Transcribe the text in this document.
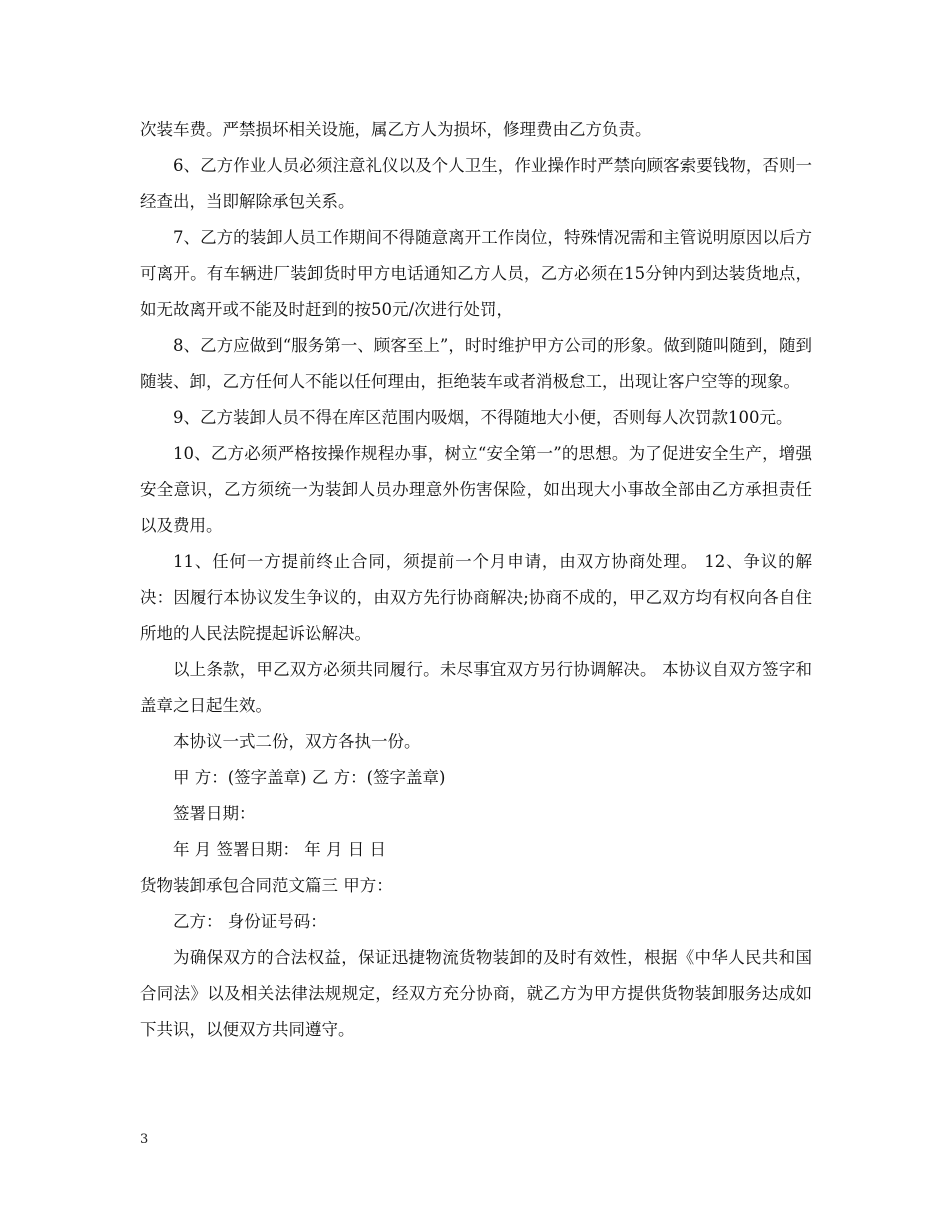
次装车费。严禁损坏相关设施，属乙方人为损坏，修理费由乙方负责。

6、乙方作业人员必须注意礼仪以及个人卫生，作业操作时严禁向顾客索要钱物，否则一经查出，当即解除承包关系。

7、乙方的装卸人员工作期间不得随意离开工作岗位，特殊情况需和主管说明原因以后方可离开。有车辆进厂装卸货时甲方电话通知乙方人员，乙方必须在15分钟内到达装货地点，如无故离开或不能及时赶到的按50元/次进行处罚，

8、乙方应做到“服务第一、顾客至上”，时时维护甲方公司的形象。做到随叫随到，随到随装、卸，乙方任何人不能以任何理由，拒绝装车或者消极怠工，出现让客户空等的现象。

9、乙方装卸人员不得在库区范围内吸烟，不得随地大小便，否则每人次罚款100元。

10、乙方必须严格按操作规程办事，树立“安全第一”的思想。为了促进安全生产，增强安全意识，乙方须统一为装卸人员办理意外伤害保险，如出现大小事故全部由乙方承担责任以及费用。

11、任何一方提前终止合同，须提前一个月申请，由双方协商处理。 12、争议的解决：因履行本协议发生争议的，由双方先行协商解决;协商不成的，甲乙双方均有权向各自住所地的人民法院提起诉讼解决。

以上条款，甲乙双方必须共同履行。未尽事宜双方另行协调解决。 本协议自双方签字和盖章之日起生效。

本协议一式二份，双方各执一份。

甲 方：(签字盖章) 乙 方：(签字盖章)

签署日期：

年 月 签署日期： 年 月 日 日

货物装卸承包合同范文篇三 甲方：

乙方： 身份证号码：

为确保双方的合法权益，保证迅捷物流货物装卸的及时有效性，根据《中华人民共和国合同法》以及相关法律法规规定，经双方充分协商，就乙方为甲方提供货物装卸服务达成如下共识，以便双方共同遵守。

3
